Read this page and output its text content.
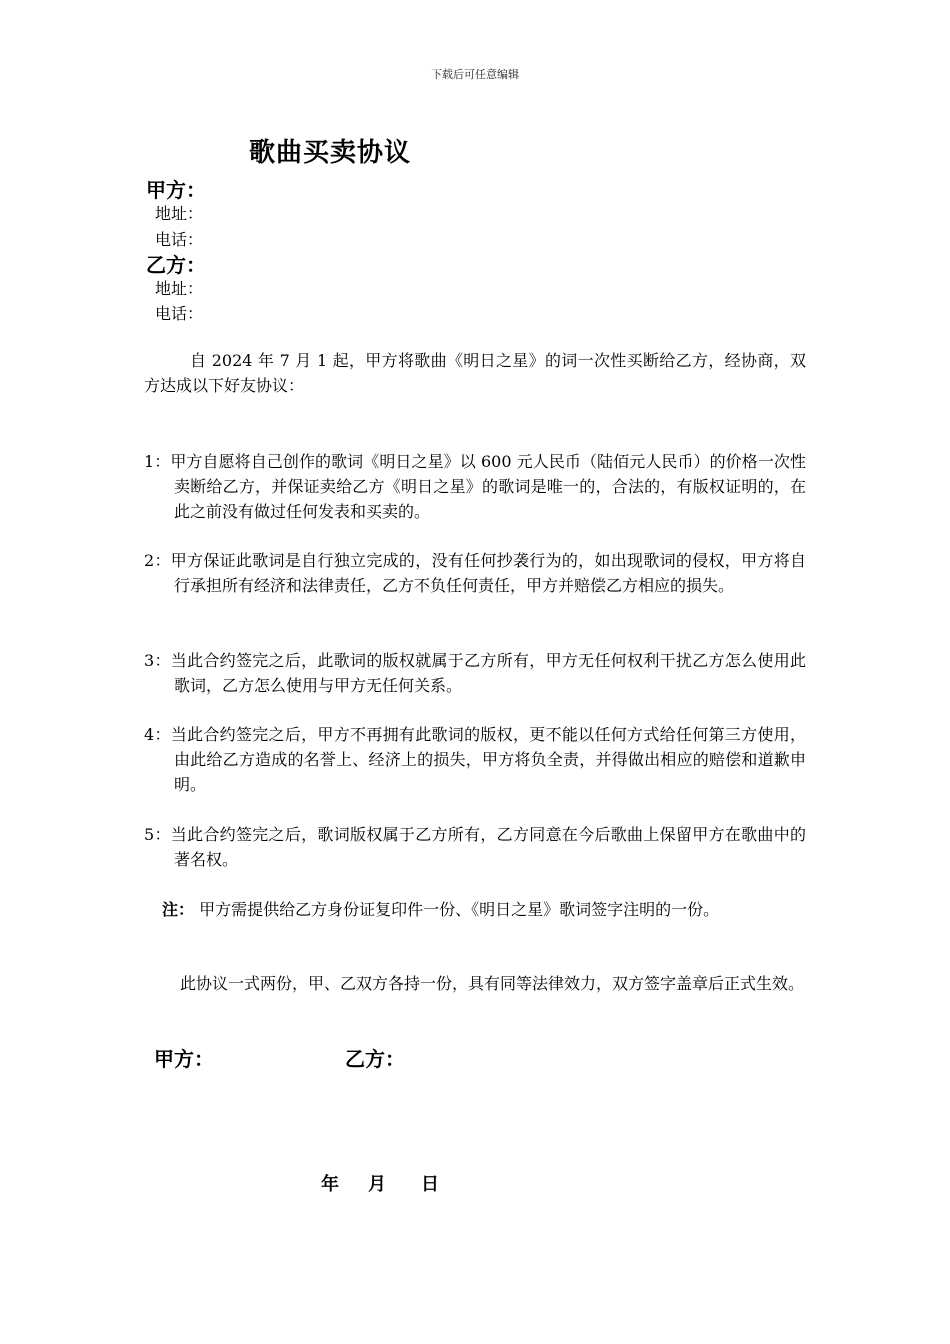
下载后可任意编辑
歌曲买卖协议
甲方：
地址：
电话：
乙方：
地址：
电话：
自 2024 年 7 月 1 起，甲方将歌曲《明日之星》的词一次性买断给乙方，经协商，双方达成以下好友协议：
1：甲方自愿将自己创作的歌词《明日之星》以 600 元人民币（陆佰元人民币）的价格一次性卖断给乙方，并保证卖给乙方《明日之星》的歌词是唯一的，合法的，有版权证明的，在此之前没有做过任何发表和买卖的。
2：甲方保证此歌词是自行独立完成的，没有任何抄袭行为的，如出现歌词的侵权，甲方将自行承担所有经济和法律责任，乙方不负任何责任，甲方并赔偿乙方相应的损失。
3：当此合约签完之后，此歌词的版权就属于乙方所有，甲方无任何权利干扰乙方怎么使用此歌词，乙方怎么使用与甲方无任何关系。
4：当此合约签完之后，甲方不再拥有此歌词的版权，更不能以任何方式给任何第三方使用，由此给乙方造成的名誉上、经济上的损失，甲方将负全责，并得做出相应的赔偿和道歉申明。
5：当此合约签完之后，歌词版权属于乙方所有，乙方同意在今后歌曲上保留甲方在歌曲中的著名权。
注： 甲方需提供给乙方身份证复印件一份、《明日之星》歌词签字注明的一份。
此协议一式两份，甲、乙双方各持一份，具有同等法律效力，双方签字盖章后正式生效。
甲方：	乙方：
年 月 日
